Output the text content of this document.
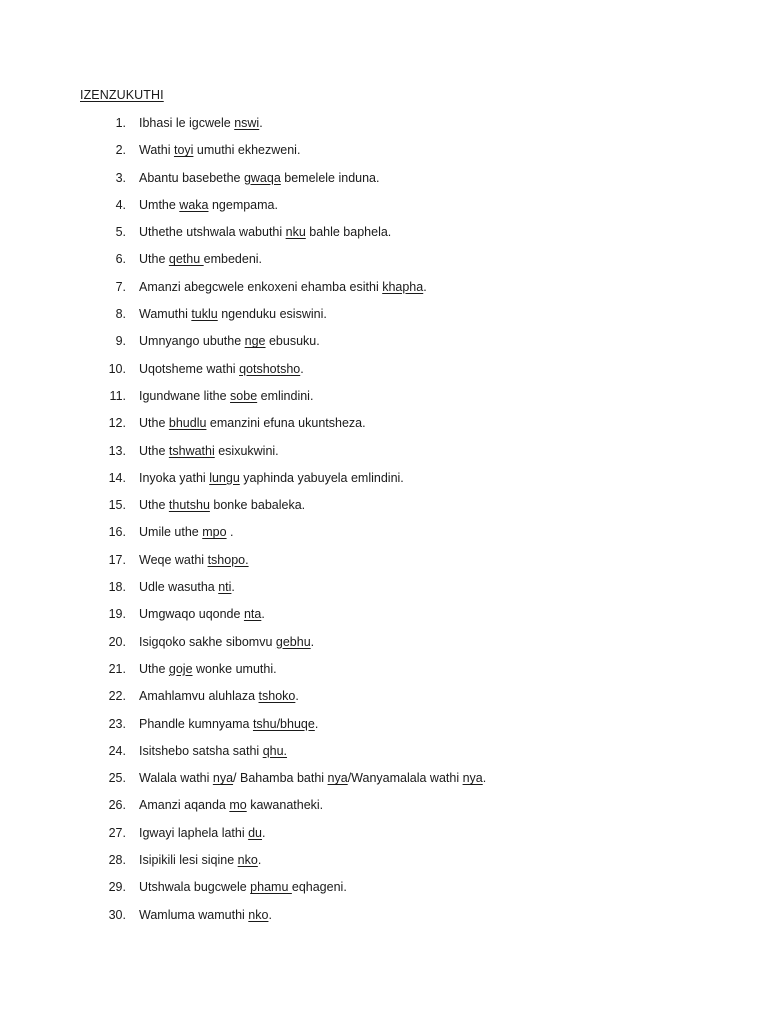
IZENZUKUTHI
1. Ibhasi le igcwele nswi.
2. Wathi toyi umuthi ekhezweni.
3. Abantu basebethe gwaqa bemelele induna.
4. Umthe waka ngempama.
5. Uthethe utshwala wabuthi nku bahle baphela.
6. Uthe qethu embedeni.
7. Amanzi abegcwele enkoxeni ehamba esithi khapha.
8. Wamuthi tuklu ngenduku esiswini.
9. Umnyango ubuthe nge ebusuku.
10. Uqotsheme wathi qotshotsho.
11. Igundwane lithe sobe emlindini.
12. Uthe bhudlu emanzini efuna ukuntsheza.
13. Uthe tshwathi esixukwini.
14. Inyoka yathi lungu yaphinda yabuyela emlindini.
15. Uthe thutshu bonke babaleka.
16. Umile uthe mpo .
17. Weqe wathi tshopo.
18. Udle wasutha nti.
19. Umgwaqo uqonde nta.
20. Isigqoko sakhe sibomvu gebhu.
21. Uthe goje wonke umuthi.
22. Amahlamvu aluhlaza tshoko.
23. Phandle kumnyama tshu/bhuqe.
24. Isitshebo satsha sathi qhu.
25. Walala wathi nya/ Bahamba bathi nya/Wanyamalala wathi nya.
26. Amanzi aqanda mo kawanatheki.
27. Igwayi laphela lathi du.
28. Isipikili lesi siqine nko.
29. Utshwala bugcwele phamu eqhageni.
30. Wamluma wamuthi nko.
